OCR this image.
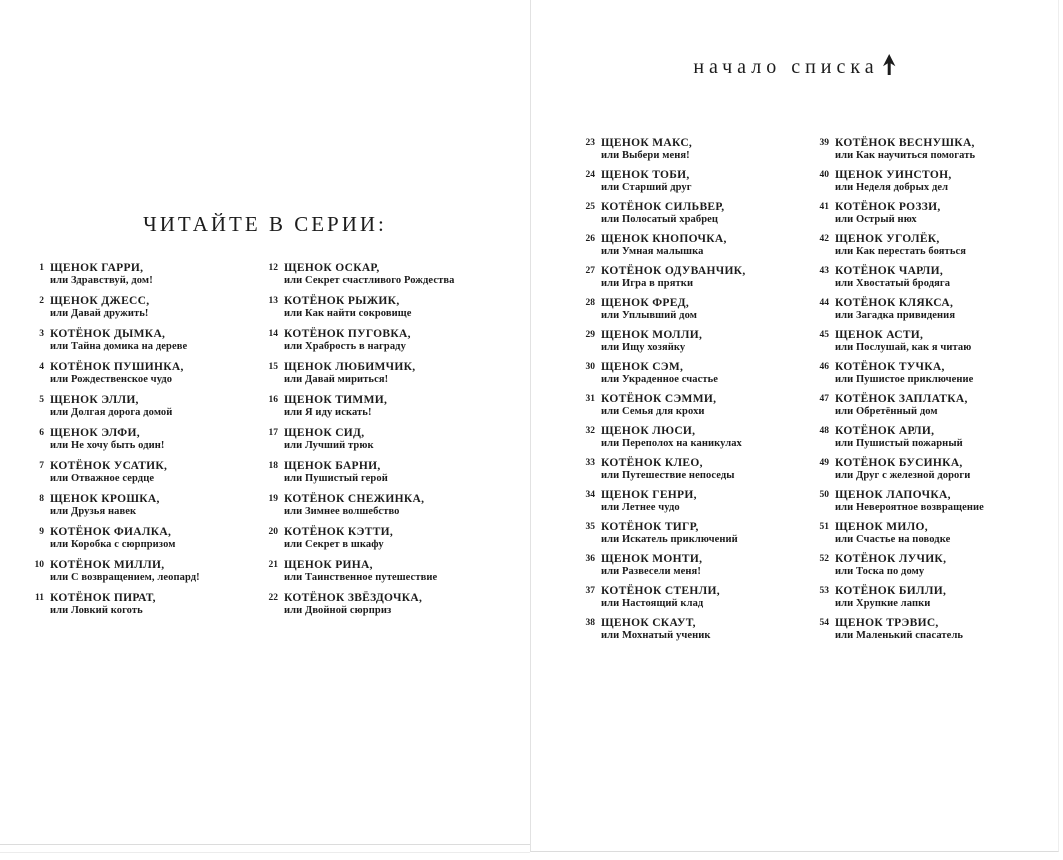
ЧИТАЙТЕ В СЕРИИ:
1 ЩЕНОК ГАРРИ,
или Здравствуй, дом!
2 ЩЕНОК ДЖЕСС,
или Давай дружить!
3 КОТЁНОК ДЫМКА,
или Тайна домика на дереве
4 КОТЁНОК ПУШИНКА,
или Рождественское чудо
5 ЩЕНОК ЭЛЛИ,
или Долгая дорога домой
6 ЩЕНОК ЭЛФИ,
или Не хочу быть один!
7 КОТЁНОК УСАТИК,
или Отважное сердце
8 ЩЕНОК КРОШКА,
или Друзья навек
9 КОТЁНОК ФИАЛКА,
или Коробка с сюрпризом
10 КОТЁНОК МИЛЛИ,
или С возвращением, леопард!
11 КОТЁНОК ПИРАТ,
или Ловкий коготь
12 ЩЕНОК ОСКАР,
или Секрет счастливого Рождества
13 КОТЁНОК РЫЖИК,
или Как найти сокровище
14 КОТЁНОК ПУГОВКА,
или Храбрость в награду
15 ЩЕНОК ЛЮБИМЧИК,
или Давай мириться!
16 ЩЕНОК ТИММИ,
или Я иду искать!
17 ЩЕНОК СИД,
или Лучший трюк
18 ЩЕНОК БАРНИ,
или Пушистый герой
19 КОТЁНОК СНЕЖИНКА,
или Зимнее волшебство
20 КОТЁНОК КЭТТИ,
или Секрет в шкафу
21 ЩЕНОК РИНА,
или Таинственное путешествие
22 КОТЁНОК ЗВЁЗДОЧКА,
или Двойной сюрприз
начало списка
23 ЩЕНОК МАКС,
или Выбери меня!
24 ЩЕНОК ТОБИ,
или Старший друг
25 КОТЁНОК СИЛЬВЕР,
или Полосатый храбрец
26 ЩЕНОК КНОПОЧКА,
или Умная малышка
27 КОТЁНОК ОДУВАНЧИК,
или Игра в прятки
28 ЩЕНОК ФРЕД,
или Уплывший дом
29 ЩЕНОК МОЛЛИ,
или Ищу хозяйку
30 ЩЕНОК СЭМ,
или Украденное счастье
31 КОТЁНОК СЭММИ,
или Семья для крохи
32 ЩЕНОК ЛЮСИ,
или Переполох на каникулах
33 КОТЁНОК КЛЕО,
или Путешествие непоседы
34 ЩЕНОК ГЕНРИ,
или Летнее чудо
35 КОТЁНОК ТИГР,
или Искатель приключений
36 ЩЕНОК МОНТИ,
или Развесели меня!
37 КОТЁНОК СТЕНЛИ,
или Настоящий клад
38 ЩЕНОК СКАУТ,
или Мохнатый ученик
39 КОТЁНОК ВЕСНУШКА,
или Как научиться помогать
40 ЩЕНОК УИНСТОН,
или Неделя добрых дел
41 КОТЁНОК РОЗЗИ,
или Острый нюх
42 ЩЕНОК УГОЛЁК,
или Как перестать бояться
43 КОТЁНОК ЧАРЛИ,
или Хвостатый бродяга
44 КОТЁНОК КЛЯКСА,
или Загадка привидения
45 ЩЕНОК АСТИ,
или Послушай, как я читаю
46 КОТЁНОК ТУЧКА,
или Пушистое приключение
47 КОТЁНОК ЗАПЛАТКА,
или Обретённый дом
48 КОТЁНОК АРЛИ,
или Пушистый пожарный
49 КОТЁНОК БУСИНКА,
или Друг с железной дороги
50 ЩЕНОК ЛАПОЧКА,
или Невероятное возвращение
51 ЩЕНОК МИЛО,
или Счастье на поводке
52 КОТЁНОК ЛУЧИК,
или Тоска по дому
53 КОТЁНОК БИЛЛИ,
или Хрупкие лапки
54 ЩЕНОК ТРЭВИС,
или Маленький спасатель
